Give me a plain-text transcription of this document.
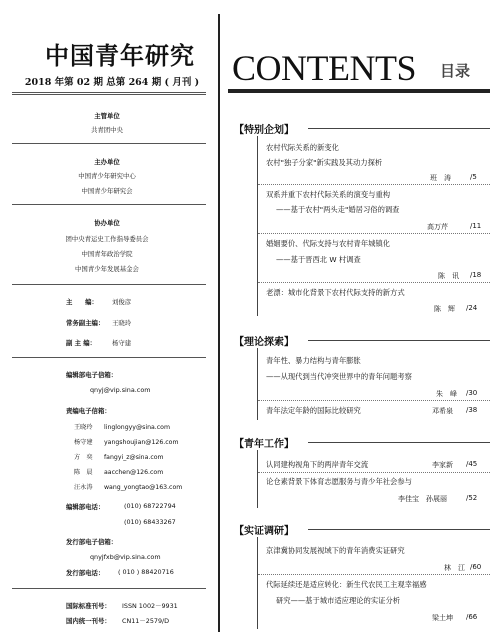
中国青年研究
2018 年第 02 期 总第 264 期 ( 月刊 )
主管单位
共青团中央
主办单位
中国青少年研究中心
中国青少年研究会
协办单位
团中央青运史工作指导委员会
中国青年政治学院
中国青少年发展基金会
主　　编： 刘俊彦
常务副主编： 王晓玲
副 主 编： 杨守建
编辑部电子信箱：
qnyj@vip.sina.com
责编电子信箱：
王晓玲 linglongyy@sina.com
杨守建 yangshoujian@126.com
方　奕 fangyi_z@sina.com
陈　晨 aacchen@126.com
汪永涛 wang_yongtao@163.com
编辑部电话：	(010) 68722794
(010) 68433267
发行部电子信箱：
qnyjfxb@vip.sina.com
发行部电话： ( 010 ) 88420716
国际标准刊号： ISSN 1002－9931
国内统一刊号： CN11－2579/D
CONTENTS 目录
【特别企划】
农村代际关系的新变化
农村"独子分家"新实践及其动力探析
班　涛	/5
双系并重下农村代际关系的演变与重构
——基于农村"两头走"婚居习俗的调查
高万芹	/11
婚姻要价、代际支持与农村青年城镇化
——基于晋西北 W 村调查
陈　讯 /18
老漂：城市化背景下农村代际支持的新方式
陈　辉 /24
【理论探索】
青年性、暴力结构与青年膨胀
——从现代到当代冲突世界中的青年问题考察
朱　峰 /30
青年法定年龄的国际比较研究	邓希泉 /38
【青年工作】
认同建构视角下的两岸青年交流	李家新 /45
论仓素背景下体育志愿服务与青少年社会参与
李佳宝　孙展丽	/52
【实证调研】
京津冀协同发展视域下的青年消费实证研究
林　江 /60
代际延续还是适应转化：新生代农民工主观幸福感
研究——基于城市适应理论的实证分析
梁土坤 /66
